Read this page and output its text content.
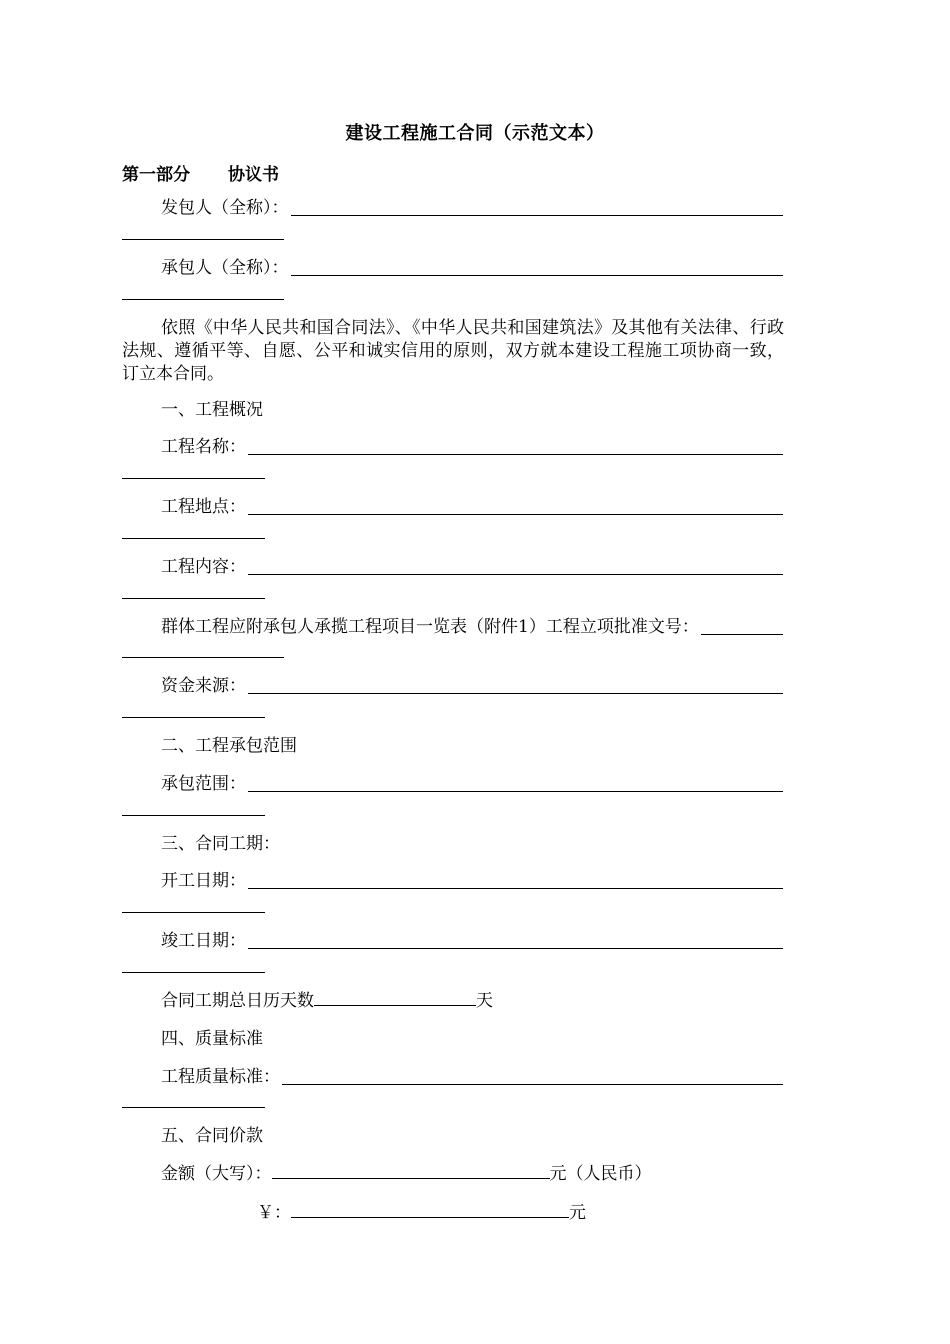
建设工程施工合同（示范文本）
第一部分 协议书
发包人（全称）：
承包人（全称）：
依照《中华人民共和国合同法》、《中华人民共和国建筑法》及其他有关法律、行政法规、遵循平等、自愿、公平和诚实信用的原则，双方就本建设工程施工项协商一致，订立本合同。
一、工程概况
工程名称：
工程地点：
工程内容：
群体工程应附承包人承揽工程项目一览表（附件1）工程立项批准文号：
资金来源：
二、工程承包范围
承包范围：
三、合同工期：
开工日期：
竣工日期：
合同工期总日历天数	天
四、质量标准
工程质量标准：
五、合同价款
金额（大写）：	元（人民币）
￥：	元
